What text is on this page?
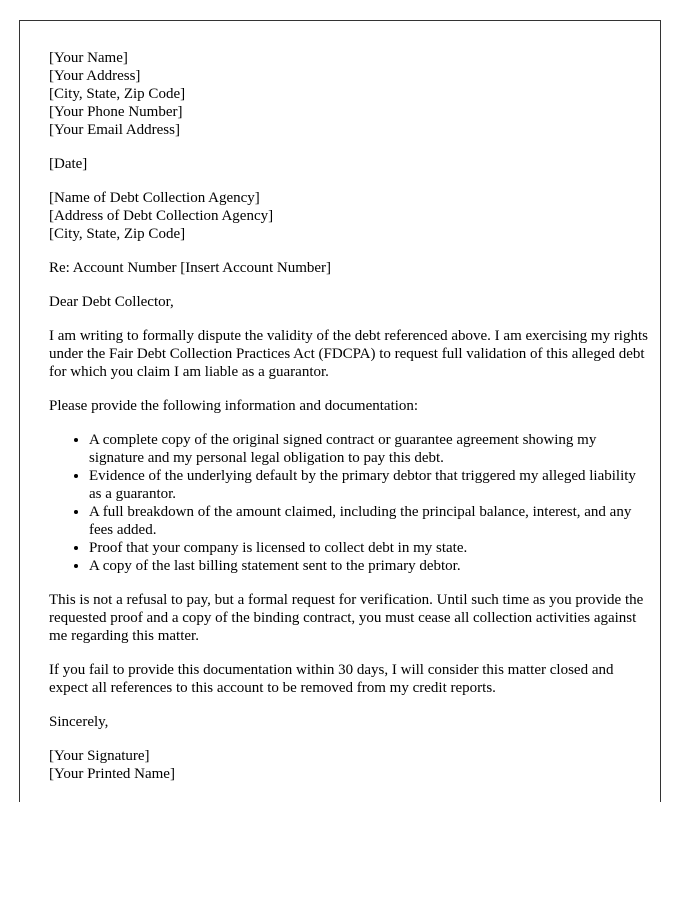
[Your Name]
[Your Address]
[City, State, Zip Code]
[Your Phone Number]
[Your Email Address]

[Date]

[Name of Debt Collection Agency]
[Address of Debt Collection Agency]
[City, State, Zip Code]

Re: Account Number [Insert Account Number]

Dear Debt Collector,

I am writing to formally dispute the validity of the debt referenced above. I am exercising my rights under the Fair Debt Collection Practices Act (FDCPA) to request full validation of this alleged debt for which you claim I am liable as a guarantor.

Please provide the following information and documentation:

• A complete copy of the original signed contract or guarantee agreement showing my signature and my personal legal obligation to pay this debt.
• Evidence of the underlying default by the primary debtor that triggered my alleged liability as a guarantor.
• A full breakdown of the amount claimed, including the principal balance, interest, and any fees added.
• Proof that your company is licensed to collect debt in my state.
• A copy of the last billing statement sent to the primary debtor.

This is not a refusal to pay, but a formal request for verification. Until such time as you provide the requested proof and a copy of the binding contract, you must cease all collection activities against me regarding this matter.

If you fail to provide this documentation within 30 days, I will consider this matter closed and expect all references to this account to be removed from my credit reports.

Sincerely,

[Your Signature]
[Your Printed Name]
